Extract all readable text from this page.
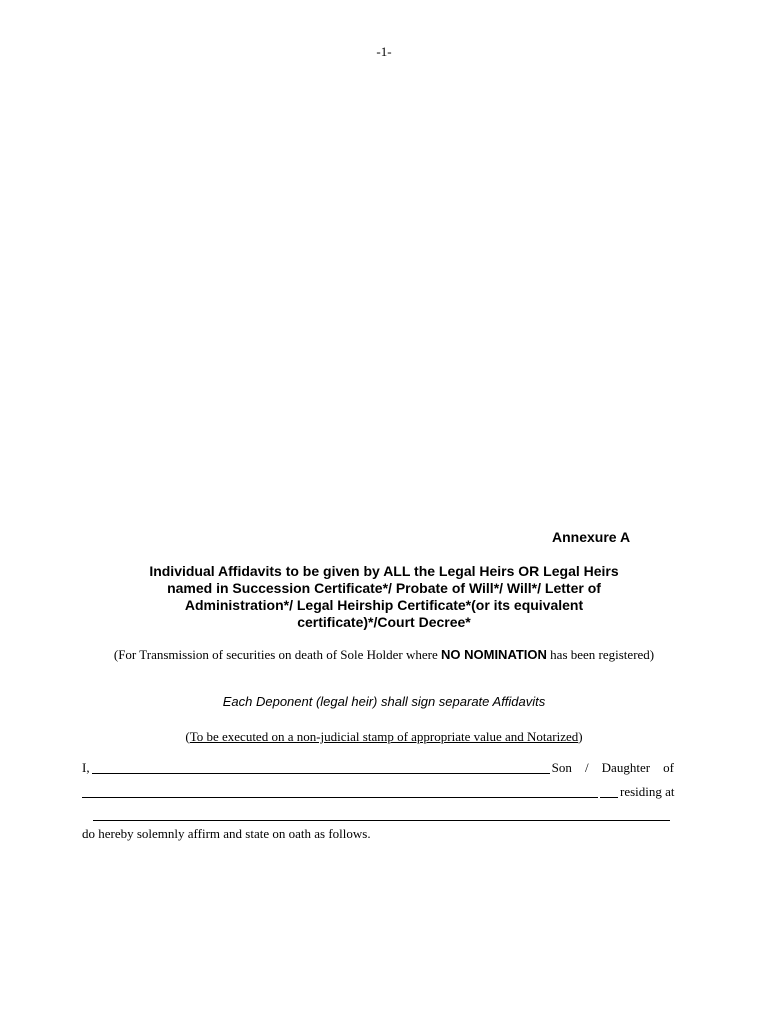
-1-
Annexure A
Individual Affidavits to be given by ALL the Legal Heirs OR Legal Heirs
named in Succession Certificate*/ Probate of Will*/ Will*/ Letter of
Administration*/ Legal Heirship Certificate*(or its equivalent
certificate)*/Court Decree*
(For Transmission of securities on death of Sole Holder where NO NOMINATION has been registered)
Each Deponent (legal heir) shall sign separate Affidavits
(To be executed on a non-judicial stamp of appropriate value and Notarized)
I,	Son / Daughter of
residing at
do hereby solemnly affirm and state on oath as follows.
